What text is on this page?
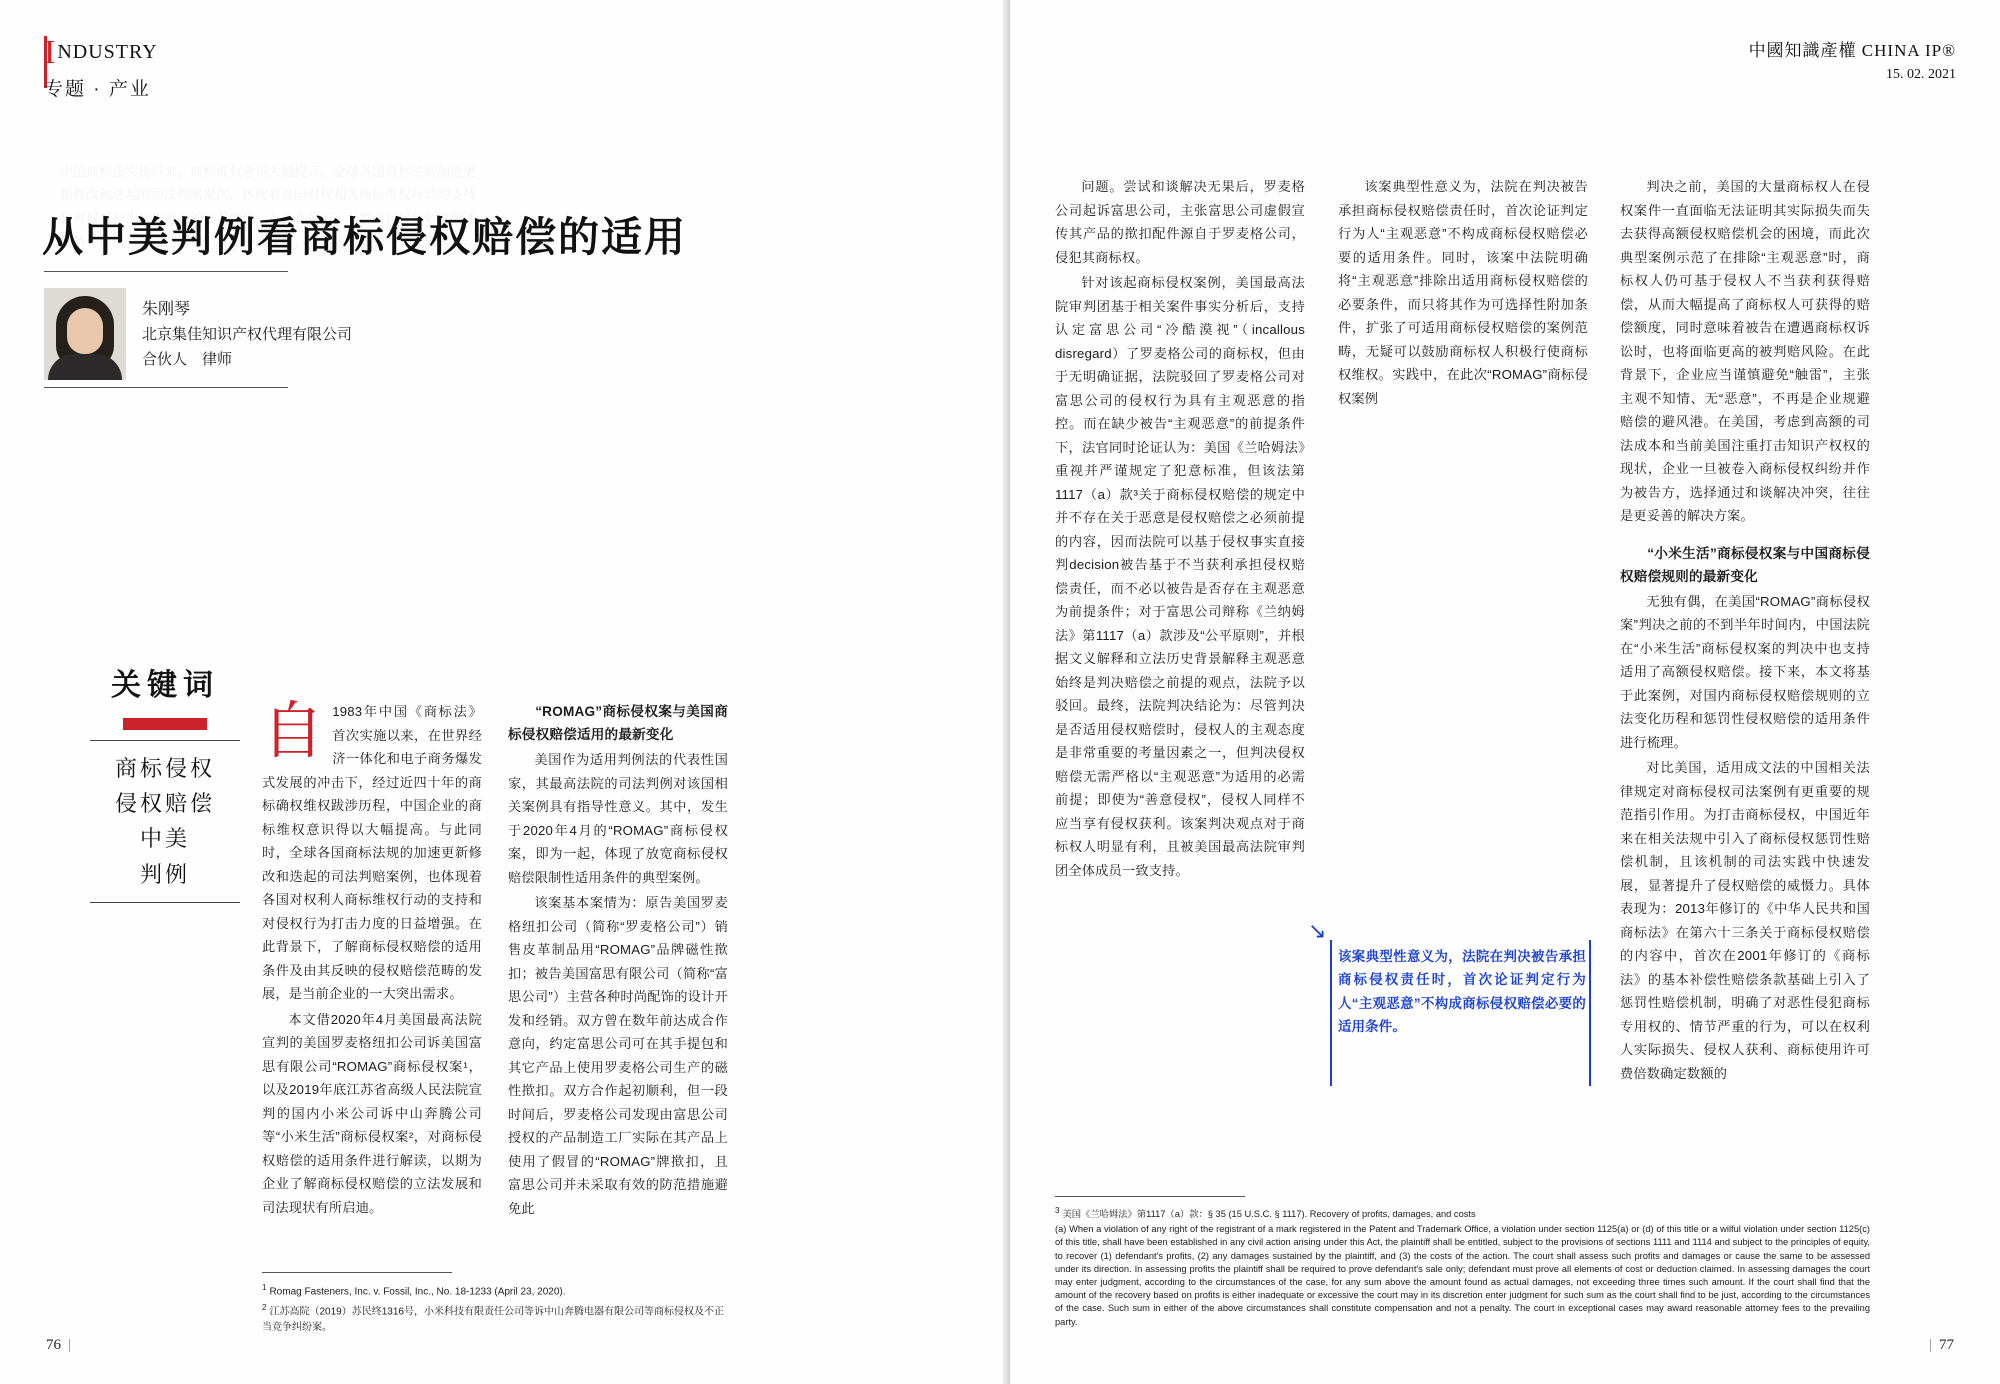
INDUSTRY
专题 · 产业
从中美判例看商标侵权赔偿的适用
朱刚琴
北京集佳知识产权代理有限公司
合伙人　律师
关键词
商标侵权
侵权赔偿
中美
判例

自 1983年中国《商标法》首次实施以来，在世界经济一体化和电子商务爆发式发展的冲击下，经过近四十年的商标确权维权跋涉历程，中国企业的商标维权意识得以大幅提高。与此同时，全球各国商标法规的加速更新修改和迭起的司法判赔案例，也体现着各国对权利人商标维权行动的支持和对侵权行为打击力度的日益增强。在此背景下，了解商标侵权赔偿的适用条件及由其反映的侵权赔偿范畴的发展，是当前企业的一大突出需求。

本文借2020年4月美国最高法院宣判的美国罗麦格纽扣公司诉美国富思有限公司“ROMAG”商标侵权案¹，以及2019年底江苏省高级人民法院宣判的国内小米公司诉中山奔腾公司等“小米生活”商标侵权案²，对商标侵权赔偿的适用条件进行解读，以期为企业了解商标侵权赔偿的立法发展和司法现状有所启迪。

“ROMAG”商标侵权案与美国商标侵权赔偿适用的最新变化

美国作为适用判例法的代表性国家，其最高法院的司法判例对该国相关案例具有指导性意义。其中，发生于2020年4月的“ROMAG”商标侵权案，即为一起，体现了放宽商标侵权赔偿限制性适用条件的典型案例。

该案基本案情为：原告美国罗麦格纽扣公司（简称“罗麦格公司”）销售皮革制品用“ROMAG”品牌磁性揿扣；被告美国富思有限公司（简称“富思公司”）主营各种时尚配饰的设计开发和经销。双方曾在数年前达成合作意向，约定富思公司可在其手提包和其它产品上使用罗麦格公司生产的磁性揿扣。双方合作起初顺利，但一段时间后，罗麦格公司发现由富思公司授权的产品制造工厂实际在其产品上使用了假冒的“ROMAG”牌揿扣，且富思公司并未采取有效的防范措施避免此

$^1$ Romag Fasteners, Inc. v. Fossil, Inc., No. 18-1233 (April 23, 2020).
$^2$ 江苏高院（2019）苏民终1316号，小米科技有限责任公司等诉中山奔腾电器有限公司等商标侵权及不正当竞争纠纷案。
76 |
中國知識產權 CHINA IP®
15. 02. 2021
| 77

问题。尝试和谈解决无果后，罗麦格公司起诉富思公司，主张富思公司虚假宣传其产品的揿扣配件源自于罗麦格公司，侵犯其商标权。

针对该起商标侵权案例，美国最高法院审判团基于相关案件事实分析后，支持认定富思公司“冷酷漠视”（incallous disregard）了罗麦格公司的商标权，但由于无明确证据，法院驳回了罗麦格公司对富思公司的侵权行为具有主观恶意的指控。而在缺少被告“主观恶意”的前提条件下，法官同时论证认为：美国《兰哈姆法》重视并严谨规定了犯意标准，但该法第1117（a）款³关于商标侵权赔偿的规定中并不存在关于恶意是侵权赔偿之必须前提的内容，因而法院可以基于侵权事实直接判decision被告基于不当获利承担侵权赔偿责任，而不必以被告是否存在主观恶意为前提条件；对于富思公司辩称《兰纳姆法》第1117（a）款涉及“公平原则”，并根据文义解释和立法历史背景解释主观恶意始终是判决赔偿之前提的观点，法院予以驳回。最终，法院判决结论为：尽管判决是否适用侵权赔偿时，侵权人的主观态度是非常重要的考量因素之一，但判决侵权赔偿无需严格以“主观恶意”为适用的必需前提；即使为“善意侵权”，侵权人同样不应当享有侵权获利。该案判决观点对于商标权人明显有利，且被美国最高法院审判团全体成员一致支持。

该案典型性意义为，法院在判决被告承担商标侵权赔偿责任时，首次论证判定行为人“主观恶意”不构成商标侵权赔偿必要的适用条件。同时，该案中法院明确将“主观恶意”排除出适用商标侵权赔偿的必要条件，而只将其作为可选择性附加条件，扩张了可适用商标侵权赔偿的案例范畴，无疑可以鼓励商标权人积极行使商标权维权。实践中，在此次“ROMAG”商标侵权案例

↘
该案典型性意义为，法院在判决被告承担商标侵权责任时，首次论证判定行为人“主观恶意”不构成商标侵权赔偿必要的适用条件。

判决之前，美国的大量商标权人在侵权案件一直面临无法证明其实际损失而失去获得高额侵权赔偿机会的困境，而此次典型案例示范了在排除“主观恶意”时，商标权人仍可基于侵权人不当获利获得赔偿，从而大幅提高了商标权人可获得的赔偿额度，同时意味着被告在遭遇商标权诉讼时，也将面临更高的被判赔风险。在此背景下，企业应当谨慎避免“触雷”，主张主观不知情、无“恶意”，不再是企业规避赔偿的避风港。在美国，考虑到高额的司法成本和当前美国注重打击知识产权权的现状，企业一旦被卷入商标侵权纠纷并作为被告方，选择通过和谈解决冲突，往往是更妥善的解决方案。

“小米生活”商标侵权案与中国商标侵权赔偿规则的最新变化

无独有偶，在美国“ROMAG”商标侵权案”判决之前的不到半年时间内，中国法院在“小米生活”商标侵权案的判决中也支持适用了高额侵权赔偿。接下来，本文将基于此案例，对国内商标侵权赔偿规则的立法变化历程和惩罚性侵权赔偿的适用条件进行梳理。

对比美国，适用成文法的中国相关法律规定对商标侵权司法案例有更重要的规范指引作用。为打击商标侵权，中国近年来在相关法规中引入了商标侵权惩罚性赔偿机制，且该机制的司法实践中快速发展，显著提升了侵权赔偿的威慑力。具体表现为：2013年修订的《中华人民共和国商标法》在第六十三条关于商标侵权赔偿的内容中，首次在2001年修订的《商标法》的基本补偿性赔偿条款基础上引入了惩罚性赔偿机制，明确了对恶性侵犯商标专用权的、情节严重的行为，可以在权利人实际损失、侵权人获利、商标使用许可费倍数确定数额的

3 美国《兰哈姆法》第1117（a）款：§ 35 (15 U.S.C. § 1117). Recovery of profits, damages, and costs
(a) When a violation of any right of the registrant of a mark registered in the Patent and Trademark Office, a violation under section 1125(a) or (d) of this title or a wilful violation under section 1125(c) of this title, shall have been established in any civil action arising under this Act, the plaintiff shall be entitled, subject to the provisions of sections 1111 and 1114 and subject to the principles of equity, to recover (1) defendant's profits, (2) any damages sustained by the plaintiff, and (3) the costs of the action. The court shall assess such profits and damages or cause the same to be assessed under its direction. In assessing profits the plaintiff shall be required to prove defendant's sale only; defendant must prove all elements of cost or deduction claimed. In assessing damages the court may enter judgment, according to the circumstances of the case, for any sum above the amount found as actual damages, not exceeding three times such amount. If the court shall find that the amount of the recovery based on profits is either inadequate or excessive the court may in its discretion enter judgment for such sum as the court shall find to be just, according to the circumstances of the case. Such sum in either of the above circumstances shall constitute compensation and not a penalty. The court in exceptional cases may award reasonable attorney fees to the prevailing party.
